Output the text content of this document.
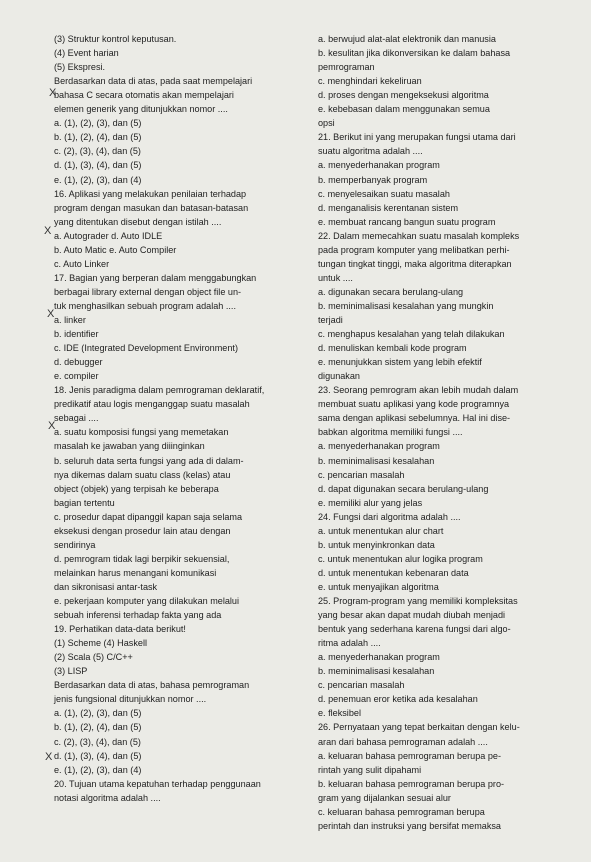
(3) Struktur kontrol keputusan.
(4) Event harian
(5) Ekspresi.
Berdasarkan data di atas, pada saat mempelajari
bahasa C secara otomatis akan mempelajari
elemen generik yang ditunjukkan nomor ....
a. (1), (2), (3), dan (5)
b. (1), (2), (4), dan (5)
c. (2), (3), (4), dan (5)
d. (1), (3), (4), dan (5)
e. (1), (2), (3), dan (4)
16. Aplikasi yang melakukan penilaian terhadap
program dengan masukan dan batasan-batasan
yang ditentukan disebut dengan istilah ....
a. Autograder d. Auto IDLE
b. Auto Matic e. Auto Compiler
c. Auto Linker
17. Bagian yang berperan dalam menggabungkan
berbagai library external dengan object file un-
tuk menghasilkan sebuah program adalah ....
a. linker
b. identifier
c. IDE (Integrated Development Environment)
d. debugger
e. compiler
18. Jenis paradigma dalam pemrograman deklaratif,
predikatif atau logis menganggap suatu masalah
sebagai ....
a. suatu komposisi fungsi yang memetakan
masalah ke jawaban yang diiinginkan
b. seluruh data serta fungsi yang ada di dalam-
nya dikemas dalam suatu class (kelas) atau
object (objek) yang terpisah ke beberapa
bagian tertentu
c. prosedur dapat dipanggil kapan saja selama
eksekusi dengan prosedur lain atau dengan
sendirinya
d. pemrogram tidak lagi berpikir sekuensial,
melainkan harus menangani komunikasi
dan sikronisasi antar-task
e. pekerjaan komputer yang dilakukan melalui
sebuah inferensi terhadap fakta yang ada
19. Perhatikan data-data berikut!
(1) Scheme (4) Haskell
(2) Scala (5) C/C++
(3) LISP
Berdasarkan data di atas, bahasa pemrograman
jenis fungsional ditunjukkan nomor ....
a. (1), (2), (3), dan (5)
b. (1), (2), (4), dan (5)
c. (2), (3), (4), dan (5)
d. (1), (3), (4), dan (5)
e. (1), (2), (3), dan (4)
20. Tujuan utama kepatuhan terhadap penggunaan
notasi algoritma adalah ....
a. berwujud alat-alat elektronik dan manusia
b. kesulitan jika dikonversikan ke dalam bahasa
pemrograman
c. menghindari kekeliruan
d. proses dengan mengeksekusi algoritma
e. kebebasan dalam menggunakan semua
opsi
21. Berikut ini yang merupakan fungsi utama dari
suatu algoritma adalah ....
a. menyederhanakan program
b. memperbanyak program
c. menyelesaikan suatu masalah
d. menganalisis kerentanan sistem
e. membuat rancang bangun suatu program
22. Dalam memecahkan suatu masalah kompleks
pada program komputer yang melibatkan perhi-
tungan tingkat tinggi, maka algoritma diterapkan
untuk ....
a. digunakan secara berulang-ulang
b. meminimalisasi kesalahan yang mungkin
terjadi
c. menghapus kesalahan yang telah dilakukan
d. menuliskan kembali kode program
e. menunjukkan sistem yang lebih efektif
digunakan
23. Seorang pemrogram akan lebih mudah dalam
membuat suatu aplikasi yang kode programnya
sama dengan aplikasi sebelumnya. Hal ini dise-
babkan algoritma memiliki fungsi ....
a. menyederhanakan program
b. meminimalisasi kesalahan
c. pencarian masalah
d. dapat digunakan secara berulang-ulang
e. memiliki alur yang jelas
24. Fungsi dari algoritma adalah ....
a. untuk menentukan alur chart
b. untuk menyinkronkan data
c. untuk menentukan alur logika program
d. untuk menentukan kebenaran data
e. untuk menyajikan algoritma
25. Program-program yang memiliki kompleksitas
yang besar akan dapat mudah diubah menjadi
bentuk yang sederhana karena fungsi dari algo-
ritma adalah ....
a. menyederhanakan program
b. meminimalisasi kesalahan
c. pencarian masalah
d. penemuan eror ketika ada kesalahan
e. fleksibel
26. Pernyataan yang tepat berkaitan dengan kelu-
aran dari bahasa pemrograman adalah ....
a. keluaran bahasa pemrograman berupa pe-
rintah yang sulit dipahami
b. keluaran bahasa pemrograman berupa pro-
gram yang dijalankan sesuai alur
c. keluaran bahasa pemrograman berupa
perintah dan instruksi yang bersifat memaksa
X
X
X
X
X
